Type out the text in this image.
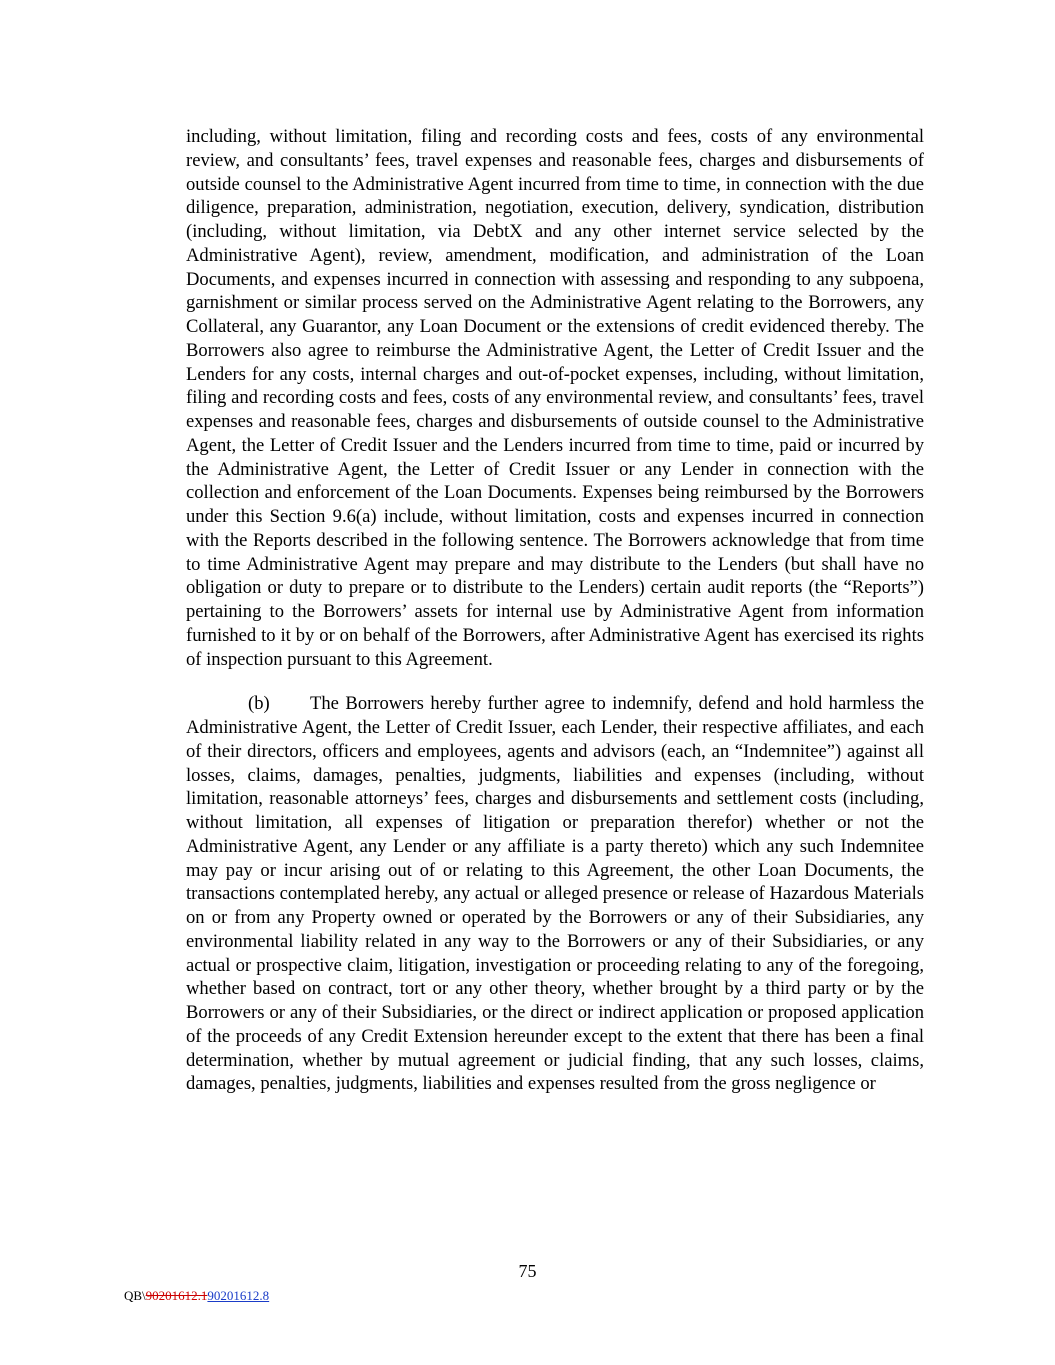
including, without limitation, filing and recording costs and fees, costs of any environmental review, and consultants’ fees, travel expenses and reasonable fees, charges and disbursements of outside counsel to the Administrative Agent incurred from time to time, in connection with the due diligence, preparation, administration, negotiation, execution, delivery, syndication, distribution (including, without limitation, via DebtX and any other internet service selected by the Administrative Agent), review, amendment, modification, and administration of the Loan Documents, and expenses incurred in connection with assessing and responding to any subpoena, garnishment or similar process served on the Administrative Agent relating to the Borrowers, any Collateral, any Guarantor, any Loan Document or the extensions of credit evidenced thereby. The Borrowers also agree to reimburse the Administrative Agent, the Letter of Credit Issuer and the Lenders for any costs, internal charges and out-of-pocket expenses, including, without limitation, filing and recording costs and fees, costs of any environmental review, and consultants’ fees, travel expenses and reasonable fees, charges and disbursements of outside counsel to the Administrative Agent, the Letter of Credit Issuer and the Lenders incurred from time to time, paid or incurred by the Administrative Agent, the Letter of Credit Issuer or any Lender in connection with the collection and enforcement of the Loan Documents. Expenses being reimbursed by the Borrowers under this Section 9.6(a) include, without limitation, costs and expenses incurred in connection with the Reports described in the following sentence. The Borrowers acknowledge that from time to time Administrative Agent may prepare and may distribute to the Lenders (but shall have no obligation or duty to prepare or to distribute to the Lenders) certain audit reports (the “Reports”) pertaining to the Borrowers’ assets for internal use by Administrative Agent from information furnished to it by or on behalf of the Borrowers, after Administrative Agent has exercised its rights of inspection pursuant to this Agreement.

(b) The Borrowers hereby further agree to indemnify, defend and hold harmless the Administrative Agent, the Letter of Credit Issuer, each Lender, their respective affiliates, and each of their directors, officers and employees, agents and advisors (each, an “Indemnitee”) against all losses, claims, damages, penalties, judgments, liabilities and expenses (including, without limitation, reasonable attorneys’ fees, charges and disbursements and settlement costs (including, without limitation, all expenses of litigation or preparation therefor) whether or not the Administrative Agent, any Lender or any affiliate is a party thereto) which any such Indemnitee may pay or incur arising out of or relating to this Agreement, the other Loan Documents, the transactions contemplated hereby, any actual or alleged presence or release of Hazardous Materials on or from any Property owned or operated by the Borrowers or any of their Subsidiaries, any environmental liability related in any way to the Borrowers or any of their Subsidiaries, or any actual or prospective claim, litigation, investigation or proceeding relating to any of the foregoing, whether based on contract, tort or any other theory, whether brought by a third party or by the Borrowers or any of their Subsidiaries, or the direct or indirect application or proposed application of the proceeds of any Credit Extension hereunder except to the extent that there has been a final determination, whether by mutual agreement or judicial finding, that any such losses, claims, damages, penalties, judgments, liabilities and expenses resulted from the gross negligence or

75
QB\90201612.190201612.8
